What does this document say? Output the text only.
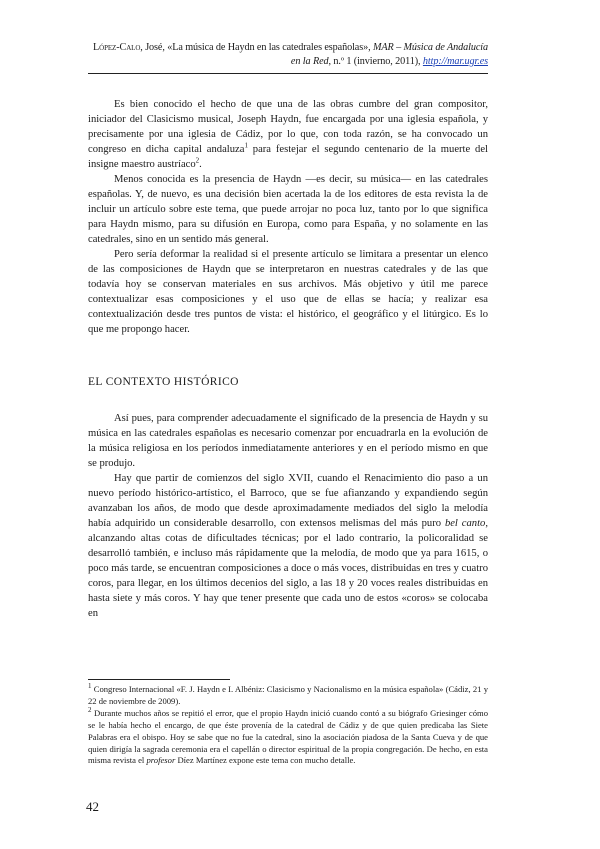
López-Calo, José, «La música de Haydn en las catedrales españolas», MAR – Música de Andalucía
en la Red, n.º 1 (invierno, 2011), http://mar.ugr.es

Es bien conocido el hecho de que una de las obras cumbre del gran compositor, iniciador del Clasicismo musical, Joseph Haydn, fue encargada por una iglesia española, y precisamente por una iglesia de Cádiz, por lo que, con toda razón, se ha convocado un congreso en dicha capital andaluza$^1$ para festejar el segundo centenario de la muerte del insigne maestro austríaco$^2$.

Menos conocida es la presencia de Haydn —es decir, su música— en las catedrales españolas. Y, de nuevo, es una decisión bien acertada la de los editores de esta revista la de incluir un artículo sobre este tema, que puede arrojar no poca luz, tanto por lo que significa para Haydn mismo, para su difusión en Europa, como para España, y no solamente en las catedrales, sino en un sentido más general.

Pero sería deformar la realidad si el presente artículo se limitara a presentar un elenco de las composiciones de Haydn que se interpretaron en nuestras catedrales y de las que todavía hoy se conservan materiales en sus archivos. Más objetivo y útil me parece contextualizar esas composiciones y el uso que de ellas se hacía; y realizar esa contextualización desde tres puntos de vista: el histórico, el geográfico y el litúrgico. Es lo que me propongo hacer.

EL CONTEXTO HISTÓRICO

Así pues, para comprender adecuadamente el significado de la presencia de Haydn y su música en las catedrales españolas es necesario comenzar por encuadrarla en la evolución de la música religiosa en los períodos inmediatamente anteriores y en el período mismo en que se produjo.

Hay que partir de comienzos del siglo XVII, cuando el Renacimiento dio paso a un nuevo período histórico-artístico, el Barroco, que se fue afianzando y expandiendo según avanzaban los años, de modo que desde aproximadamente mediados del siglo la melodía había adquirido un considerable desarrollo, con extensos melismas del más puro bel canto, alcanzando altas cotas de dificultades técnicas; por el lado contrario, la policoralidad se desarrolló también, e incluso más rápidamente que la melodía, de modo que ya para 1615, o poco más tarde, se encuentran composiciones a doce o más voces, distribuidas en tres y cuatro coros, para llegar, en los últimos decenios del siglo, a las 18 y 20 voces reales distribuidas en hasta siete y más coros. Y hay que tener presente que cada uno de estos «coros» se colocaba en

$^1$ Congreso Internacional «F. J. Haydn e I. Albéniz: Clasicismo y Nacionalismo en la música española» (Cádiz, 21 y 22 de noviembre de 2009).

$^2$ Durante muchos años se repitió el error, que el propio Haydn inició cuando contó a su biógrafo Griesinger cómo se le había hecho el encargo, de que éste provenía de la catedral de Cádiz y de que quien predicaba las Siete Palabras era el obispo. Hoy se sabe que no fue la catedral, sino la asociación piadosa de la Santa Cueva y de que quien dirigía la sagrada ceremonia era el capellán o director espiritual de la propia congregación. De hecho, en esta misma revista el profesor Díez Martínez expone este tema con mucho detalle.

42
